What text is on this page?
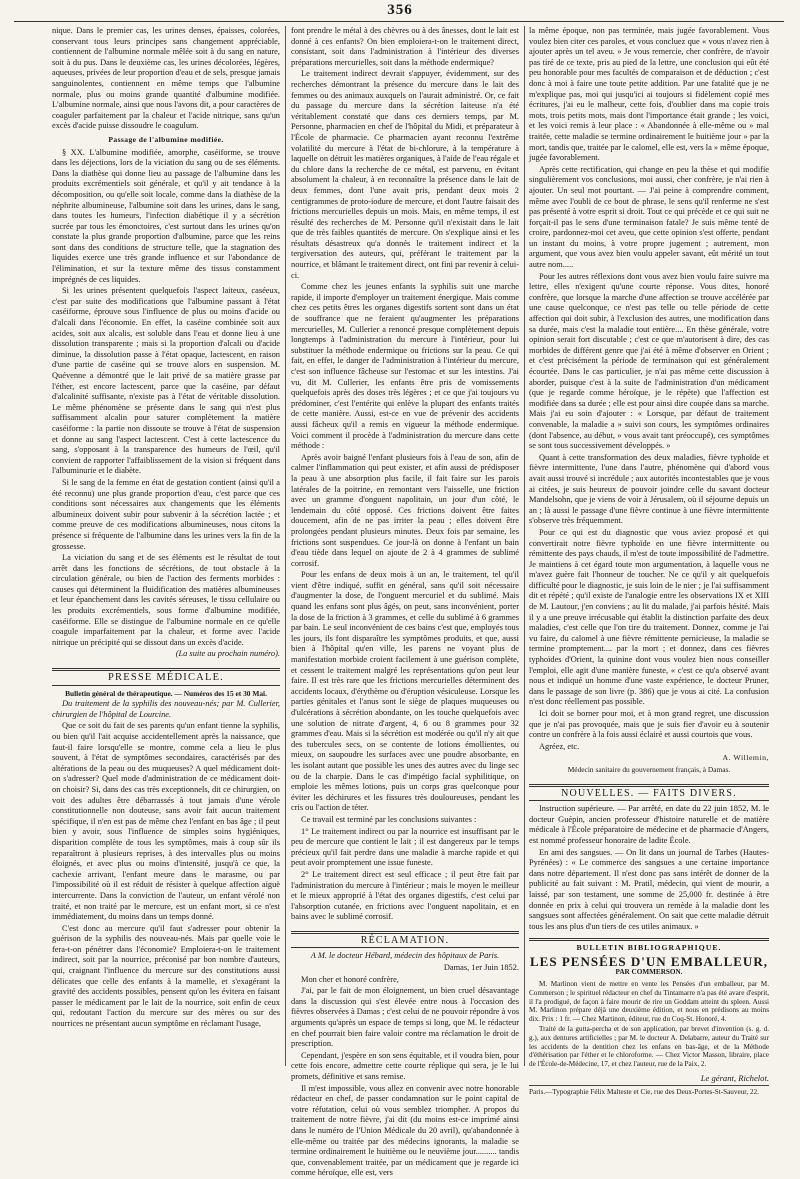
356

nique. Dans le premier cas, les urines denses, épaisses, colorées, conservant tous leurs principes sans changement appréciable, contiennent de l'albumine normale mêlée soit à du sang en nature, soit à du pus. Dans le deuxième cas, les urines décolorées, légères, aqueuses, privées de leur proportion d'eau et de sels, presque jamais sanguinolentes, contiennent en même temps que l'albumine normale, plus ou moins grande quantité d'albumine modifiée. L'albumine normale, ainsi que nous l'avons dit, a pour caractères de coaguler parfaitement par la chaleur et l'acide nitrique, sans qu'un excès d'acide puisse dissoudre le coagulum.

Passage de l'albumine modifiée.

§ XX. L'albumine modifiée, amorphe, caséiforme, se trouve dans les déjections, lors de la viciation du sang ou de ses éléments. Dans la diathèse qui donne lieu au passage de l'albumine dans les produits excrémentiels soit générale, et qu'il y ait tendance à la décomposition, ou qu'elle soit locale, comme dans la diathèse de la néphrite albumineuse, l'albumine soit dans les urines, dans le sang, dans toutes les humeurs, l'infection diabétique il y a sécrétion sucrée par tous les émonctoires, c'est surtout dans les urines qu'on constate la plus grande proportion d'albumine, parce que les reins sont dans des conditions de structure telle, que la stagnation des liquides exerce une très grande influence et sur l'abondance de l'élimination, et sur la texture même des tissus constamment imprégnés de ces liquides.

Si les urines présentent quelquefois l'aspect laiteux, caséeux, c'est par suite des modifications que l'albumine passant à l'état caséiforme, éprouve sous l'influence de plus ou moins d'acide ou d'alcali dans l'économie. En effet, la caséine combinée soit aux acides, soit aux alcalis, est soluble dans l'eau et donne lieu à une dissolution transparente ; mais si la proportion d'alcali ou d'acide diminue, la dissolution passe à l'état opaque, lactescent, en raison d'une partie de caséine qui se trouve alors en suspension. M. Quévenne a démontré que le lait privé de sa matière grasse par l'éther, est encore lactescent, parce que la caséine, par défaut d'alcalinité suffisante, n'existe pas à l'état de véritable dissolution. Le même phénomène se présente dans le sang qui n'est plus suffisamment alcalin pour saturer complètement la matière caséiforme : la partie non dissoute se trouve à l'état de suspension et donne au sang l'aspect lactescent. C'est à cette lactescence du sang, s'opposant à la transparence des humeurs de l'œil, qu'il convient de rapporter l'affaiblissement de la vision si fréquent dans l'albuminurie et le diabète.

Si le sang de la femme en état de gestation contient (ainsi qu'il a été reconnu) une plus grande proportion d'eau, c'est parce que ces conditions sont nécessaires aux changements que les éléments albumineux doivent subir pour subvenir à la sécrétion lactée ; et comme preuve de ces modifications albumineuses, nous citons la présence si fréquente de l'albumine dans les urines vers la fin de la grossesse.

La viciation du sang et de ses éléments est le résultat de tout arrêt dans les fonctions de sécrétions, de tout obstacle à la circulation générale, ou bien de l'action des ferments morbides : causes qui déterminent la fluidification des matières albumineuses et leur épanchement dans les cavités séreuses, le tissu cellulaire ou les produits excrémentiels, sous forme d'albumine modifiée, caséiforme. Elle se distingue de l'albumine normale en ce qu'elle coagule imparfaitement par la chaleur, et forme avec l'acide nitrique un précipité qui se dissout dans un excès d'acide.

(La suite au prochain numéro).

PRESSE MÉDICALE.
Bulletin général de thérapeutique. — Numéros des 15 et 30 Mai.

Du traitement de la syphilis des nouveau-nés; par M. Cullerier, chirurgien de l'hôpital de Lourcine.

Que ce soit du fait de ses parents qu'un enfant tienne la syphilis, ou bien qu'il l'ait acquise accidentellement après la naissance, que faut-il faire lorsqu'elle se montre, comme cela a lieu le plus souvent, à l'état de symptômes secondaires, caractérisés par des altérations de la peau ou des muqueuses? A quel médicament doit-on s'adresser? Quel mode d'administration de ce médicament doit-on choisir? Si, dans des cas très exceptionnels, dit ce chirurgien, on voit des adultes être débarrassés à tout jamais d'une vérole constitutionnelle non douteuse, sans avoir fait aucun traitement spécifique, il n'en est pas de même chez l'enfant en bas âge ; il peut bien y avoir, sous l'influence de simples soins hygiéniques, disparition complète de tous les symptômes, mais à coup sûr ils reparaîtront à plusieurs reprises, à des intervalles plus ou moins éloignés, et avec plus ou moins d'intensité, jusqu'à ce que, la cachexie arrivant, l'enfant meure dans le marasme, ou par l'impossibilité où il est réduit de résister à quelque affection aiguë intercurrente. Dans la conviction de l'auteur, un enfant vérolé non traité, et non traité par le mercure, est un enfant mort, si ce n'est immédiatement, du moins dans un temps donné.

C'est donc au mercure qu'il faut s'adresser pour obtenir la guérison de la syphilis des nouveau-nés. Mais par quelle voie le fera-t-on pénétrer dans l'économie? Emploiera-t-on le traitement indirect, soit par la nourrice, préconisé par bon nombre d'auteurs, qui, craignant l'influence du mercure sur des constitutions aussi délicates que celle des enfants à la mamelle, et s'exagérant la gravité des accidents possibles, pensent qu'on les évitera en faisant passer le médicament par le lait de la nourrice, soit enfin de ceux qui, redoutant l'action du mercure sur des mères ou sur des nourrices ne présentant aucun symptôme en réclamant l'usage,

font prendre le métal à des chèvres ou à des ânesses, dont le lait est donné à ces enfants? On bien emploiera-t-on le traitement direct, consistant, soit dans l'administration à l'intérieur des diverses préparations mercurielles, soit dans la méthode endermique?

Le traitement indirect devrait s'appuyer, évidemment, sur des recherches démontrant la présence du mercure dans le lait des femmes ou des animaux auxquels on l'aurait administré. Or, ce fait du passage du mercure dans la sécrétion laiteuse n'a été véritablement constaté que dans ces derniers temps, par M. Personne, pharmacien en chef de l'hôpital du Midi, et préparateur à l'École de pharmacie. Ce pharmacien ayant reconnu l'extrême volatilité du mercure à l'état de bi-chlorure, à la température à laquelle on détruit les matières organiques, à l'aide de l'eau régale et du chlore dans la recherche de ce métal, est parvenu, en évitant absolument la chaleur, à en reconnaître la présence dans le lait de deux femmes, dont l'une avait pris, pendant deux mois 2 centigrammes de proto-iodure de mercure, et dont l'autre faisait des frictions mercurielles depuis un mois. Mais, en même temps, il est résulté des recherches de M. Personne qu'il n'existait dans le lait que de très faibles quantités de mercure. On s'explique ainsi et les résultats désastreux qu'a donnés le traitement indirect et la tergiversation des auteurs, qui, préférant le traitement par la nourrice, et blâmant le traitement direct, ont fini par revenir à celui-ci.

Comme chez les jeunes enfants la syphilis suit une marche rapide, il importe d'employer un traitement énergique. Mais comme chez ces petits êtres les organes digestifs sortent sont dans un état de souffrance que ne feraient qu'augmenter les préparations mercurielles, M. Cullerier a renoncé presque complètement depuis longtemps à l'administration du mercure à l'intérieur, pour lui substituer la méthode endermique ou frictions sur la peau. Ce qui fait, en effet, le danger de l'administration à l'intérieur du mercure, c'est son influence fâcheuse sur l'estomac et sur les intestins. J'ai vu, dit M. Cullerier, les enfants être pris de vomissements quelquefois après des doses très légères ; et ce que j'ai toujours vu prédominer, c'est l'entérite qui enlève la plupart des enfants traités de cette manière. Aussi, est-ce en vue de prévenir des accidents aussi fâcheux qu'il a remis en vigueur la méthode endermique. Voici comment il procède à l'administration du mercure dans cette méthode :

Après avoir baigné l'enfant plusieurs fois à l'eau de son, afin de calmer l'inflammation qui peut exister, et afin aussi de prédisposer la peau à une absorption plus facile, il fait faire sur les parois latérales de la poitrine, en remontant vers l'aisselle, une friction avec un gramme d'onguent napolitain, un jour d'un côté, le lendemain du côté opposé. Ces frictions doivent être faites doucement, afin de ne pas irriter la peau ; elles doivent être prolongées pendant plusieurs minutes. Deux fois par semaine, les frictions sont suspendues. Ce jour-là on donne à l'enfant un bain d'eau tiède dans lequel on ajoute de 2 à 4 grammes de sublimé corrosif.

Pour les enfans de deux mois à un an, le traitement, tel qu'il vient d'être indiqué, suffit en général, sans qu'il soit nécessaire d'augmenter la dose, de l'onguent mercuriel et du sublimé. Mais quand les enfans sont plus âgés, on peut, sans inconvénient, porter la dose de la friction à 3 grammes, et celle du sublimé à 6 grammes par bain. Le seul inconvénient de ces bains c'est que, employés tous les jours, ils font disparaître les symptômes produits, et que, aussi bien à l'hôpital qu'en ville, les parens ne voyant plus de manifestation morbide croient facilement à une guérison complète, et cessent le traitement malgré les représentations qu'on peut leur faire. Il est très rare que les frictions mercurielles déterminent des accidents locaux, d'érythème ou d'éruption vésiculeuse. Lorsque les parties génitales et l'anus sont le siège de plaques muqueuses ou d'ulcérations à sécrétion abondante, on les touche quelquefois avec une solution de nitrate d'argent, 4, 6 ou 8 grammes pour 32 grammes d'eau. Mais si la sécrétion est modérée ou qu'il n'y ait que des tubercules secs, on se contente de lotions émollientes, ou mieux, on saupoudre les surfaces avec une poudre absorbante, en les isolant autant que possible les unes des autres avec du linge sec ou de la charpie. Dans le cas d'impétigo facial syphilitique, on emploie les mêmes lotions, puis un corps gras quelconque pour éviter les déchirures et les fissures très douloureuses, pendant les cris ou l'action de téter.

Ce travail est terminé par les conclusions suivantes :

1° Le traitement indirect ou par la nourrice est insuffisant par le peu de mercure que contient le lait ; il est dangereux par le temps précieux qu'il fait perdre dans une maladie à marche rapide et qui peut avoir promptement une issue funeste.

2° Le traitement direct est seul efficace ; il peut être fait par l'administration du mercure à l'intérieur ; mais le moyen le meilleur et le mieux approprié à l'état des organes digestifs, c'est celui par l'absorption cutanée, en frictions avec l'onguent napolitain, et en bains avec le sublimé corrosif.

RÉCLAMATION.

A M. le docteur Hébard, médecin des hôpitaux de Paris.

Damas, 1er Juin 1852.

Mon cher et honoré confrère,

J'ai, par le fait de mon éloignement, un bien cruel désavantage dans la discussion qui s'est élevée entre nous à l'occasion des fièvres observées à Damas ; c'est celui de ne pouvoir répondre à vos arguments qu'après un espace de temps si long, que M. le rédacteur en chef pourrait bien faire valoir contre ma réclamation le droit de prescription.

Cependant, j'espère en son sens équitable, et il voudra bien, pour cette fois encore, admettre cette courte réplique qui sera, je le lui promets, définitive et sans remise.

Il m'est impossible, vous allez en convenir avec notre honorable rédacteur en chef, de passer condamnation sur le point capital de votre réfutation, celui où vous semblez triompher. A propos du traitement de notre fièvre, j'ai dit (du moins est-ce imprimé ainsi dans le numéro de l'Union Médicale du 20 avril), qu'abandonnée à elle-même ou traitée par des médecins ignorants, la maladie se termine ordinairement le huitième ou le neuvième jour.......... tandis que, convenablement traitée, par un médicament que je regarde ici comme héroïque, elle est, vers

la même époque, non pas terminée, mais jugée favorablement. Vous voulez bien citer ces paroles, et vous concluez que « vous n'avez rien à ajouter après un tel aveu. » Je vous remercie, cher confrère, de n'avoir pas tiré de ce texte, pris au pied de la lettre, une conclusion qui eût été peu honorable pour mes facultés de comparaison et de déduction ; c'est donc à moi à faire une toute petite addition. Par une fatalité que je ne m'explique pas, moi qui jusqu'ici ai toujours si fidèlement copié mes écritures, j'ai eu le malheur, cette fois, d'oublier dans ma copie trois mots, trois petits mots, mais dont l'importance était grande ; les voici, et les voici remis à leur place : « Abandonnée à elle-même ou » mal traitée, cette maladie se termine ordinairement le huitième jour » par la mort, tandis que, traitée par le calomel, elle est, vers la » même époque, jugée favorablement.

Après cette rectification, qui change en peu la thèse et qui modifie singulièrement vos conclusions, moi aussi, cher confrère, je n'ai rien à ajouter. Un seul mot pourtant. — J'ai peine à comprendre comment, même avec l'oubli de ce bout de phrase, le sens qu'il renferme ne s'est pas présenté à votre esprit si droit. Tout ce qui précède et ce qui suit ne forçait-il pas le sens d'une terminaison fatale? Je suis même tenté de croire, pardonnez-moi cet aveu, que cette opinion s'est offerte, pendant un instant du moins, à votre propre jugement ; autrement, mon argument, que vous avez bien voulu appeler savant, eût mérité un tout autre nom.....

Pour les autres réflexions dont vous avez bien voulu faire suivre ma lettre, elles n'exigent qu'une courte réponse. Vous dites, honoré confrère, que lorsque la marche d'une affection se trouve accélérée par une cause quelconque, ce n'est pas telle ou telle période de cette affection qui doit subir, à l'exclusion des autres, une modification dans sa durée, mais c'est la maladie tout entière.... En thèse générale, votre opinion serait fort discutable ; c'est ce que m'autorisent à dire, des cas morbides de différent genre que j'ai été à même d'observer en Orient ; et c'est précisément la période de terminaison qui est généralement écourtée. Dans le cas particulier, je n'ai pas même cette discussion à aborder, puisque c'est à la suite de l'administration d'un médicament (que je regarde comme héroïque, je le répète) que l'affection est modifiée dans sa durée ; elle est pour ainsi dire coupée dans sa marche. Mais j'ai eu soin d'ajouter : « Lorsque, par défaut de traitement convenable, la maladie a » suivi son cours, les symptômes ordinaires (dont l'absence, au début, » vous avait tant préoccupé), ces symptômes se sont tous successivement développés. »

Quant à cette transformation des deux maladies, fièvre typhoïde et fièvre intermittente, l'une dans l'autre, phénomène qui d'abord vous avait aussi trouvé si incrédule ; aux autorités incontestables que je vous ai citées, je suis heureux de pouvoir joindre celle du savant docteur Mandelsohn, que je viens de voir à Jérusalem, où il séjourne depuis un an ; là aussi le passage d'une fièvre continue à une fièvre intermittente s'observe très fréquemment.

Pour ce qui est du diagnostic que vous aviez proposé et qui convertirait notre fièvre typhoïde en une fièvre intermittente ou rémittente des pays chauds, il m'est de toute impossibilité de l'admettre. Je maintiens à cet égard toute mon argumentation, à laquelle vous ne m'avez guère fait l'honneur de toucher. Ne ce qu'il y ait quelquefois difficulté pour le diagnostic, je suis loin de le nier ; je l'ai suffisamment dit et répété ; qu'il existe de l'analogie entre les observations IX et XIII de M. Lautour, j'en conviens ; au lit du malade, j'ai parfois hésité. Mais il y a une preuve irrécusable qui établit la distinction parfaite des deux maladies, c'est celle que l'on tire du traitement. Donnez, comme je l'ai vu faire, du calomel à une fièvre rémittente pernicieuse, la maladie se termine promptement.... par la mort ; et donnez, dans ces fièvres typhoïdes d'Orient, la quinine dont vous voulez bien nous conseiller l'emploi, elle agit d'une manière funeste, « c'est ce qu'a observé avant nous et indiqué un homme d'une vaste expérience, le docteur Pruner, dans le passage de son livre (p. 386) que je vous ai cité. La confusion n'est donc réellement pas possible.

Ici doit se borner pour moi, et à mon grand regret, une discussion que je n'ai pas provoquée, mais que je suis fier d'avoir eu à soutenir contre un confrère à la fois aussi éclairé et aussi courtois que vous.

Agréez, etc.

A. Willemin,

Médecin sanitaire du gouvernement français, à Damas.

NOUVELLES. — FAITS DIVERS.

Instruction supérieure. — Par arrêté, en date du 22 juin 1852, M. le docteur Guépin, ancien professeur d'histoire naturelle et de matière médicale à l'École préparatoire de médecine et de pharmacie d'Angers, est nommé professeur honoraire de ladite École.

En ami des sangsues. — On lit dans un journal de Tarbes (Hautes-Pyrénées) : « Le commerce des sangsues a une certaine importance dans notre département. Il n'est donc pas sans intérêt de donner de la publicité au fait suivant : M. Pratil, médecin, qui vient de mourir, a laissé, par son testament, une somme de 25,000 fr. destinée à être donnée en prix à celui qui trouvera un remède à la maladie dont les sangsues sont affectées généralement. On sait que cette maladie détruit tous les ans plus d'un tiers de ces utiles animaux. »

BULLETIN BIBLIOGRAPHIQUE.
LES PENSÉES D'UN EMBALLEUR,
PAR COMMERSON.

M. Marlinon vient de mettre en vente les Pensées d'un emballeur, par M. Commerson ; le spirituel rédacteur en chef du Tintamarre n'a pas été avare d'esprit, il l'a prodigué, de façon à faire mourir de rire un Goddam atteint du spleen. Aussi M. Marlinon prépare déjà une deuxième édition, et nous en prédisons au moins dix. Prix : 1 fr. — Chez Martinon, éditeur, rue du Coq-St. Honoré, 4.

Traité de la gutta-percha et de son application, par brevet d'invention (s. g. d. g.), aux dentures artificielles ; par M. le docteur A. Delabarre, auteur du Traité sur les accidents de la dentition chez les enfans en bas-âge, et de la Méthode d'éthérisation par l'éther et le chloroforme. — Chez Victor Masson, libraire, place de l'École-de-Médecine, 17, et chez l'auteur, rue de la Paix, 2.

Le gérant, Richelot.
Paris.—Typographie Félix Malteste et Cie, rue des Deux-Portes-St-Sauveur, 22.
